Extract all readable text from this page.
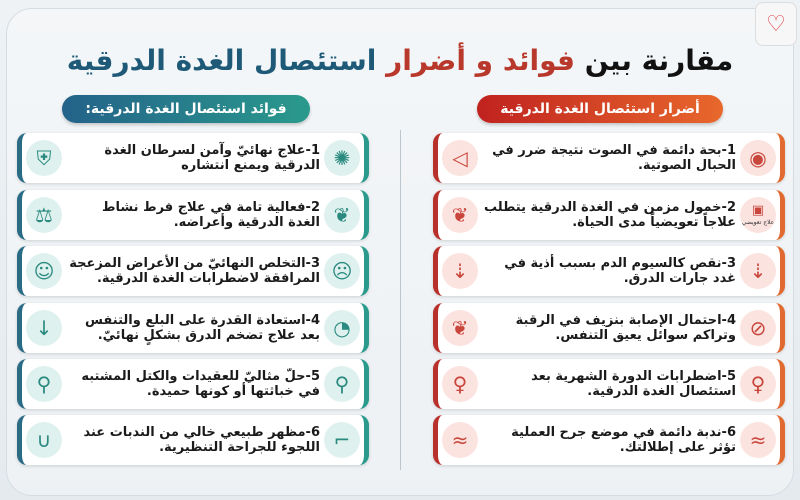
♡
مقارنة بين فوائد و أضرار استئصال الغدة الدرقية
فوائد استئصال الغدة الدرقية:	أضرار استئصال الغدة الدرقية
⛨	1-علاج نهائيّ وآمن لسرطان الغدة الدرقية ويمنع انتشاره ✺
⚖	2-فعالية تامة في علاج فرط نشاط الغدة الدرقية وأعراضه. ❦
☺ 3-التخلص النهائيّ من الأعراض المزعجة المرافقة لاضطرابات الغدة الدرقية. ☹
↓	4-استعادة القدرة على البلع والتنفس بعد علاج تضخم الدرق بشكلٍ نهائيّ. ◔
⚲	5-حلّ مثاليّ للعقيدات والكتل المشتبه في خباثتها أو كونها حميدة. ⚲
∪	6-مظهر طبيعي خالي من الندبات عند اللجوء للجراحة التنظيرية. ⌐
◁	1-بحة دائمة في الصوت نتيجة ضرر في الحبال الصوتية. ◉
❦ 2-خمول مزمن في الغدة الدرقية يتطلب علاجاً تعويضياً مدى الحياة.
▣
علاج تعويضي
⇣	3-نقص كالسيوم الدم بسبب أذية في غدد جارات الدرق. ⇣
❦	4-احتمال الإصابة بنزيف في الرقبة وتراكم سوائل يعيق التنفس. ⊘
♀	5-اضطرابات الدورة الشهرية بعد استئصال الغدة الدرقية. ♀
≈	6-ندبة دائمة في موضع جرح العملية تؤثر على إطلالتك. ≈
